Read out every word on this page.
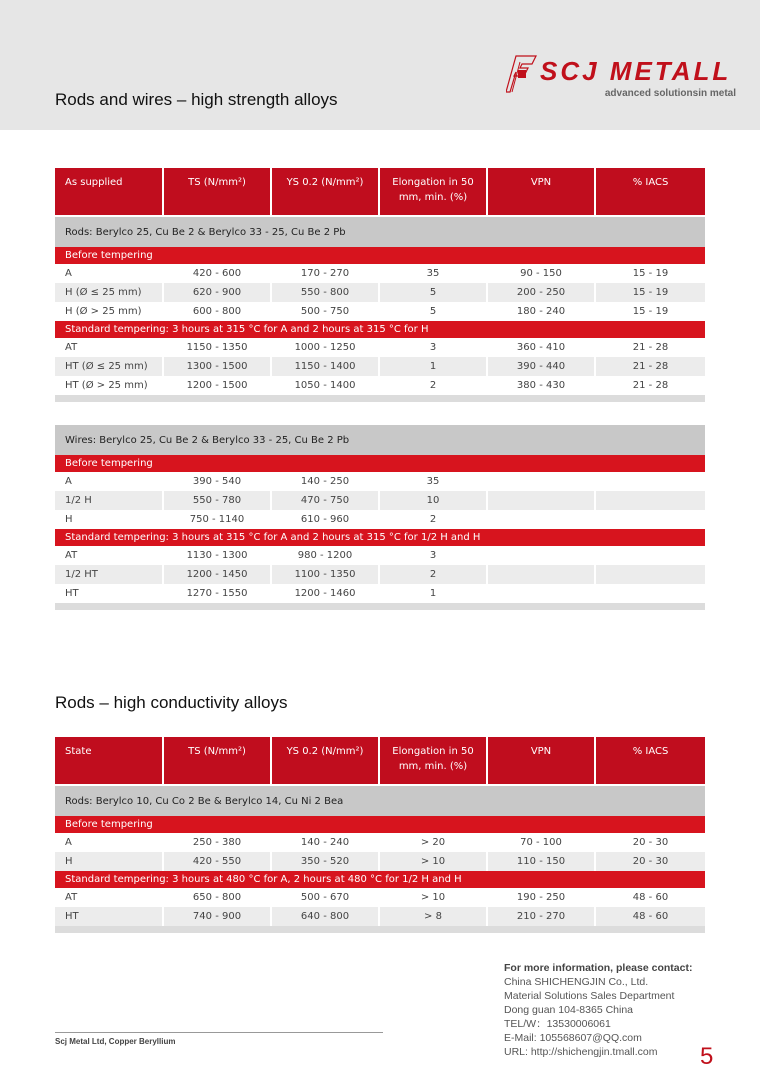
Rods and wires – high strength alloys
SCJ METALL
advanced solutionsin metal
As supplied	TS (N/mm²)	YS 0.2 (N/mm²)	Elongation in 50 mm, min. (%)	VPN	% IACS
Rods: Berylco 25, Cu Be 2 & Berylco 33 - 25, Cu Be 2 Pb					
Before tempering					
A	420 - 600	170 - 270	35	90 - 150	15 - 19
H (Ø ≤ 25 mm)	620 - 900	550 - 800	5	200 - 250	15 - 19
H (Ø > 25 mm)	600 - 800	500 - 750	5	180 - 240	15 - 19
Standard tempering: 3 hours at 315 °C for A and 2 hours at 315 °C for H					
AT	1150 - 1350	1000 - 1250	3	360 - 410	21 - 28
HT (Ø ≤ 25 mm)	1300 - 1500	1150 - 1400	1	390 - 440	21 - 28
HT (Ø > 25 mm)	1200 - 1500	1050 - 1400	2	380 - 430	21 - 28

Wires: Berylco 25, Cu Be 2 & Berylco 33 - 25, Cu Be 2 Pb					
Before tempering					
A	390 - 540	140 - 250	35		
1/2 H	550 - 780	470 - 750	10		
H	750 - 1140	610 - 960	2		
Standard tempering: 3 hours at 315 °C for A and 2 hours at 315 °C for 1/2 H and H					
AT	1130 - 1300	980 - 1200	3		
1/2 HT	1200 - 1450	1100 - 1350	2		
HT	1270 - 1550	1200 - 1460	1		

Rods – high conductivity alloys
State	TS (N/mm²)	YS 0.2 (N/mm²)	Elongation in 50 mm, min. (%)	VPN	% IACS
Rods: Berylco 10, Cu Co 2 Be & Berylco 14, Cu Ni 2 Bea					
Before tempering					
A	250 - 380	140 - 240	> 20	70 - 100	20 - 30
H	420 - 550	350 - 520	> 10	110 - 150	20 - 30
Standard tempering: 3 hours at 480 °C for A, 2 hours at 480 °C for 1/2 H and H					
AT	650 - 800	500 - 670	> 10	190 - 250	48 - 60
HT	740 - 900	640 - 800	> 8	210 - 270	48 - 60

For more information, please contact:
China SHICHENGJIN Co., Ltd.
Material Solutions Sales Department
Dong guan 104-8365 China
TEL/W：13530006061
E-Mail: 105568607@QQ.com
URL: http://shichengjin.tmall.com
Scj Metal Ltd, Copper Beryllium
5
